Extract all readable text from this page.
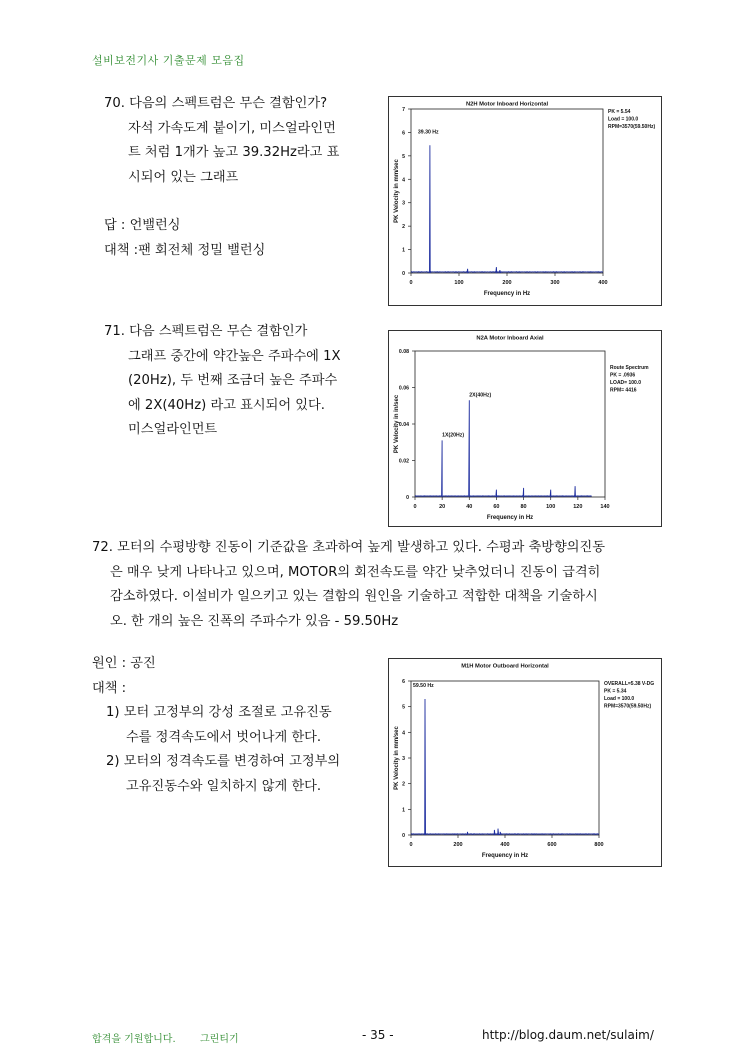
설비보전기사 기출문제 모음집
70. 다음의 스펙트럼은 무슨 결함인가?
자석 가속도계 붙이기, 미스얼라인먼
트 처럼 1개가 높고 39.32Hz라고 표
시되어 있는 그래프
답 : 언밸런싱
대책 :팬 회전체 정밀 밸런싱
N2H Motor Inboard Horizontal
0	100	200	300	400
0
1
2
3
4
5
6
7
Frequency in Hz
PK Velocity in mm/sec
PK = 5.54
Load = 100.0
RPM=3570(59.50Hz)
39.30 Hz
71. 다음 스펙트럼은 무슨 결함인가
그래프 중간에 약간높은 주파수에 1X
(20Hz), 두 번째 조금더 높은 주파수
에 2X(40Hz) 라고 표시되어 있다.
미스얼라인먼트
N2A Motor Inboard Axial
0	20	40	60	80	100	120	140
0
0.02
0.04
0.06
0.08
Frequency in Hz
PK Velocity in in/sec
Route Spectrum
PK = .0936
LOAD= 100.0
RPM= 4416
1X(20Hz)
2X(40Hz)
72. 모터의 수평방향 진동이 기준값을 초과하여 높게 발생하고 있다. 수평과 축방향의진동
은 매우 낮게 나타나고 있으며, MOTOR의 회전속도를 약간 낮추었더니 진동이 급격히
감소하였다. 이설비가 일으키고 있는 결함의 원인을 기술하고 적합한 대책을 기술하시
오. 한 개의 높은 진폭의 주파수가 있음 - 59.50Hz
원인 : 공진
대책 :
1) 모터 고정부의 강성 조절로 고유진동
수를 정격속도에서 벗어나게 한다.
2) 모터의 정격속도를 변경하여 고정부의
고유진동수와 일치하지 않게 한다.
M1H Motor Outboard Horizontal
0	200	400	600	800
0
1
2
3
4
5
6
Frequency in Hz
PK Velocity in mm/sec
OVERALL=5.38 V-DG
PK = 5.34
Load = 100.0
RPM=3570(59.50Hz)
59.50 Hz
합격을 기원합니다. 그린티기	- 35 -	http://blog.daum.net/sulaim/
